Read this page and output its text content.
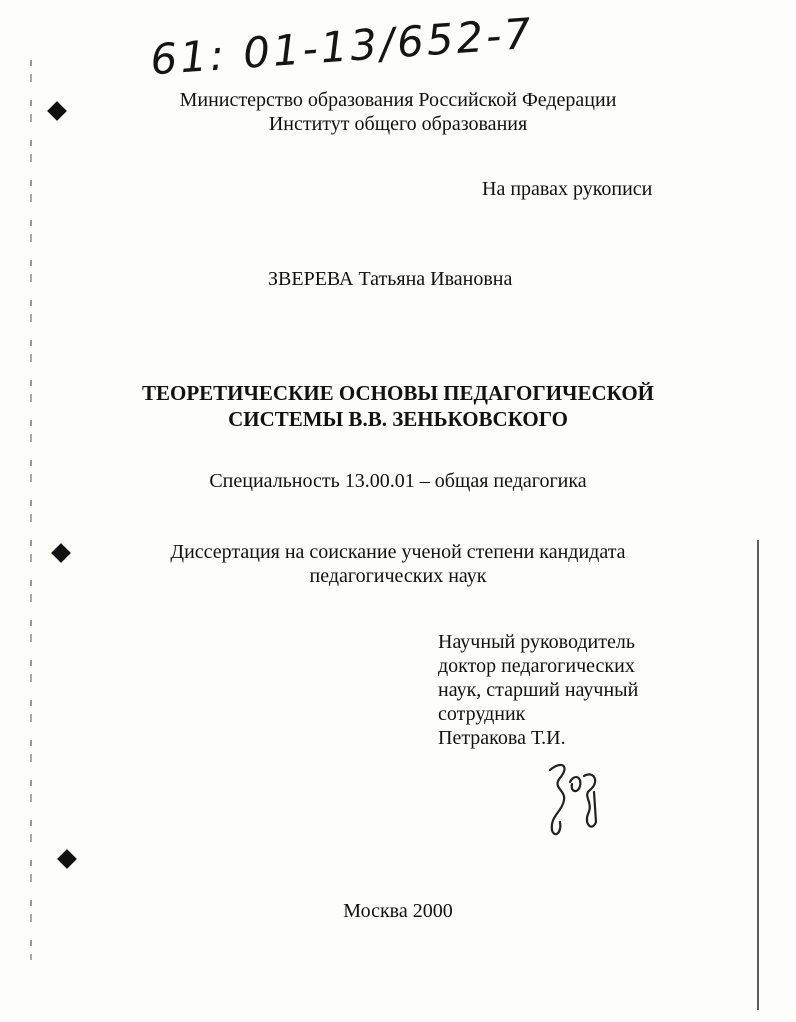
61: 01-13/652-7
Министерство образования Российской Федерации
Институт общего образования
На правах рукописи
ЗВЕРЕВА Татьяна Ивановна
ТЕОРЕТИЧЕСКИЕ ОСНОВЫ ПЕДАГОГИЧЕСКОЙ
СИСТЕМЫ В.В. ЗЕНЬКОВСКОГО
Специальность 13.00.01 – общая педагогика
Диссертация на соискание ученой степени кандидата
педагогических наук
Научный руководитель
доктор педагогических
наук, старший научный
сотрудник
Петракова Т.И.
Москва 2000
